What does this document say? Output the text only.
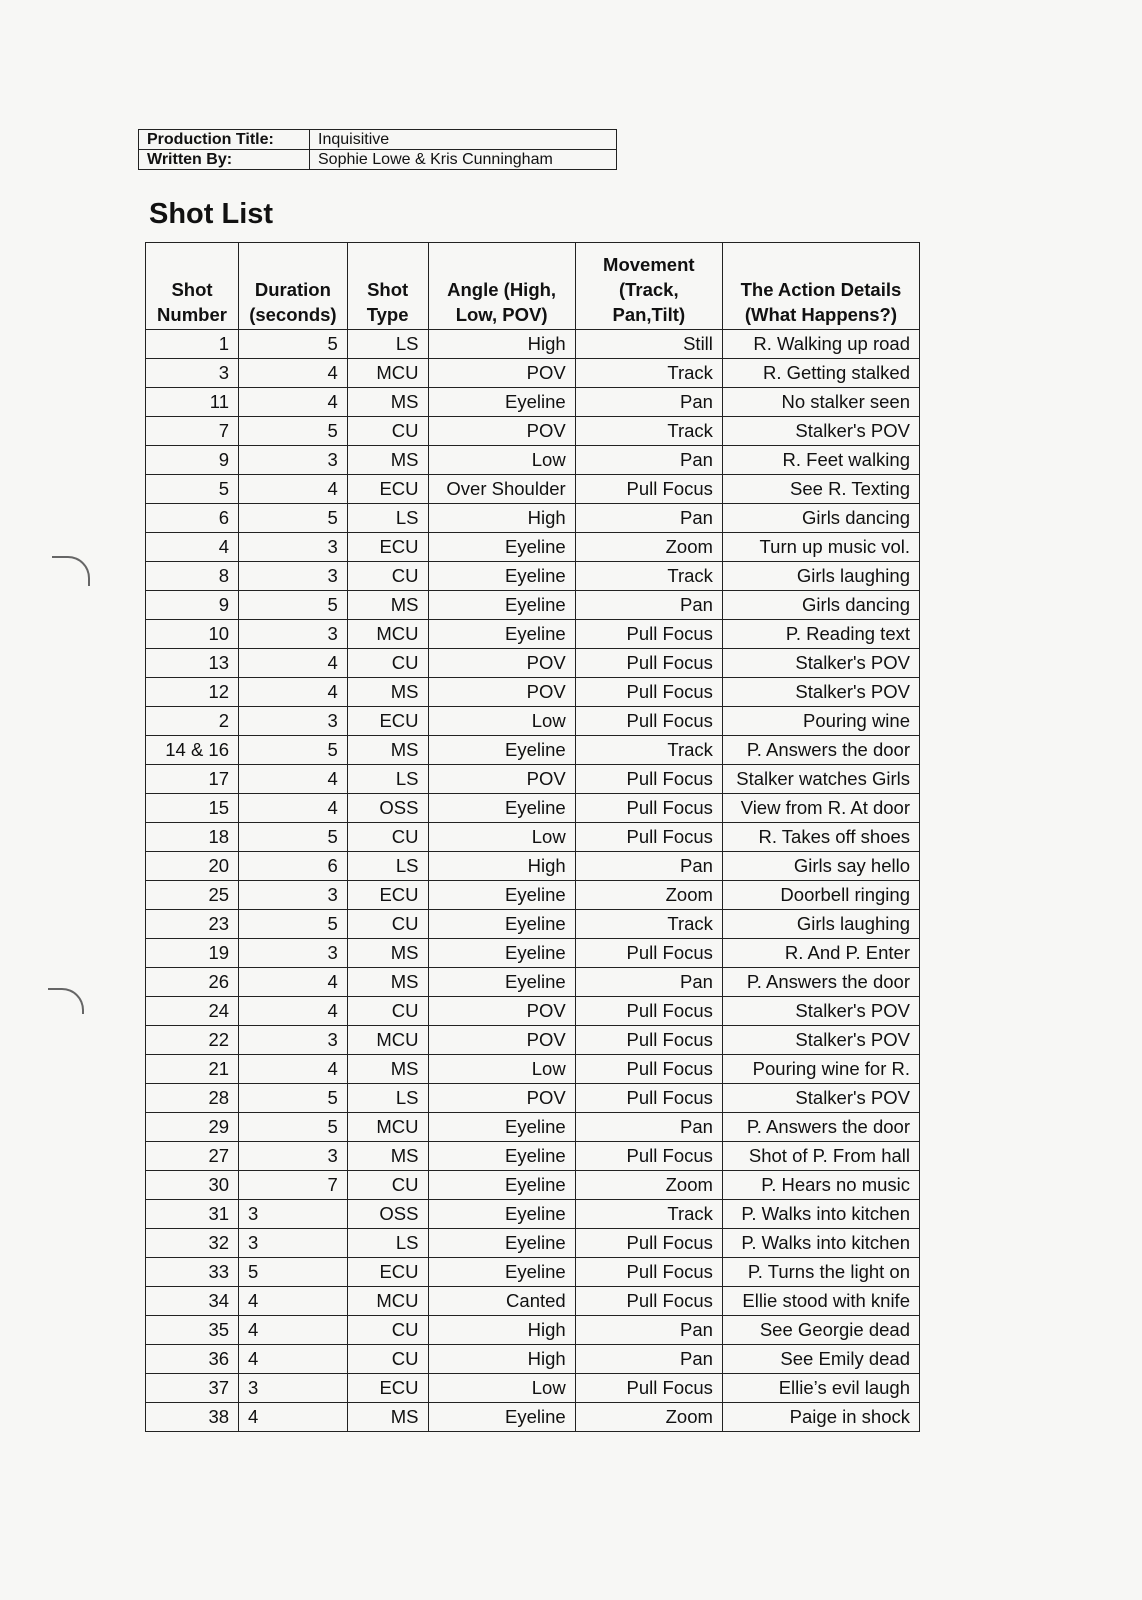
Production Title:	Inquisitive
Written By:	Sophie Lowe & Kris Cunningham
Shot List
Shot Number	Duration (seconds)	Shot Type	Angle (High, Low, POV)	Movement (Track, Pan,Tilt)	The Action Details (What Happens?)
1	5	LS	High	Still	R. Walking up road
3	4	MCU	POV	Track	R. Getting stalked
11	4	MS	Eyeline	Pan	No stalker seen
7	5	CU	POV	Track	Stalker's POV
9	3	MS	Low	Pan	R. Feet walking
5	4	ECU	Over Shoulder	Pull Focus	See R. Texting
6	5	LS	High	Pan	Girls dancing
4	3	ECU	Eyeline	Zoom	Turn up music vol.
8	3	CU	Eyeline	Track	Girls laughing
9	5	MS	Eyeline	Pan	Girls dancing
10	3	MCU	Eyeline	Pull Focus	P. Reading text
13	4	CU	POV	Pull Focus	Stalker's POV
12	4	MS	POV	Pull Focus	Stalker's POV
2	3	ECU	Low	Pull Focus	Pouring wine
14 & 16	5	MS	Eyeline	Track	P. Answers the door
17	4	LS	POV	Pull Focus	Stalker watches Girls
15	4	OSS	Eyeline	Pull Focus	View from R. At door
18	5	CU	Low	Pull Focus	R. Takes off shoes
20	6	LS	High	Pan	Girls say hello
25	3	ECU	Eyeline	Zoom	Doorbell ringing
23	5	CU	Eyeline	Track	Girls laughing
19	3	MS	Eyeline	Pull Focus	R. And P. Enter
26	4	MS	Eyeline	Pan	P. Answers the door
24	4	CU	POV	Pull Focus	Stalker's POV
22	3	MCU	POV	Pull Focus	Stalker's POV
21	4	MS	Low	Pull Focus	Pouring wine for R.
28	5	LS	POV	Pull Focus	Stalker's POV
29	5	MCU	Eyeline	Pan	P. Answers the door
27	3	MS	Eyeline	Pull Focus	Shot of P. From hall
30	7	CU	Eyeline	Zoom	P. Hears no music
31	3	OSS	Eyeline	Track	P. Walks into kitchen
32	3	LS	Eyeline	Pull Focus	P. Walks into kitchen
33	5	ECU	Eyeline	Pull Focus	P. Turns the light on
34	4	MCU	Canted	Pull Focus	Ellie stood with knife
35	4	CU	High	Pan	See Georgie dead
36	4	CU	High	Pan	See Emily dead
37	3	ECU	Low	Pull Focus	Ellie’s evil laugh
38	4	MS	Eyeline	Zoom	Paige in shock
